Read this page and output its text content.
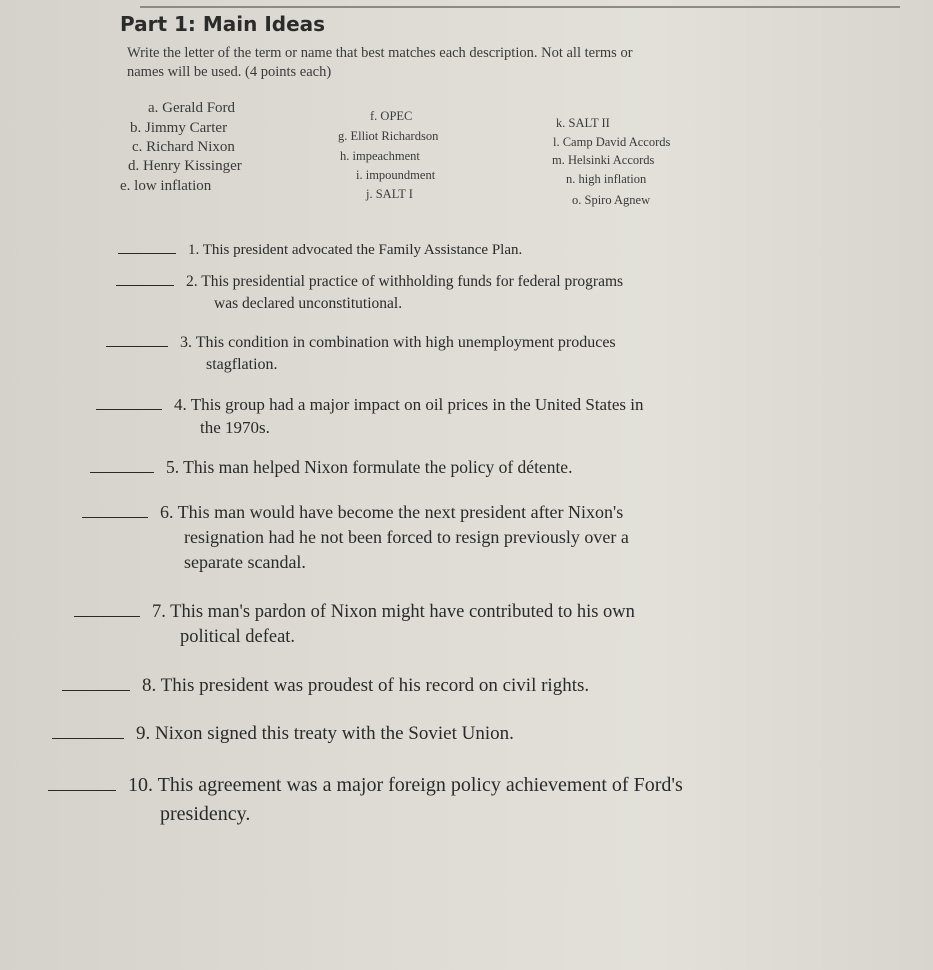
Part 1: Main Ideas
Write the letter of the term or name that best matches each description. Not all terms or
names will be used. (4 points each)
a. Gerald Ford
b. Jimmy Carter
c. Richard Nixon
d. Henry Kissinger
e. low inflation
f. OPEC
g. Elliot Richardson
h. impeachment
i. impoundment
j. SALT I
k. SALT II
l. Camp David Accords
m. Helsinki Accords
n. high inflation
o. Spiro Agnew
1. This president advocated the Family Assistance Plan.
2. This presidential practice of withholding funds for federal programs
was declared unconstitutional.
3. This condition in combination with high unemployment produces
stagflation.
4. This group had a major impact on oil prices in the United States in
the 1970s.
5. This man helped Nixon formulate the policy of détente.
6. This man would have become the next president after Nixon's
resignation had he not been forced to resign previously over a
separate scandal.
7. This man's pardon of Nixon might have contributed to his own
political defeat.
8. This president was proudest of his record on civil rights.
9. Nixon signed this treaty with the Soviet Union.
10. This agreement was a major foreign policy achievement of Ford's
presidency.
